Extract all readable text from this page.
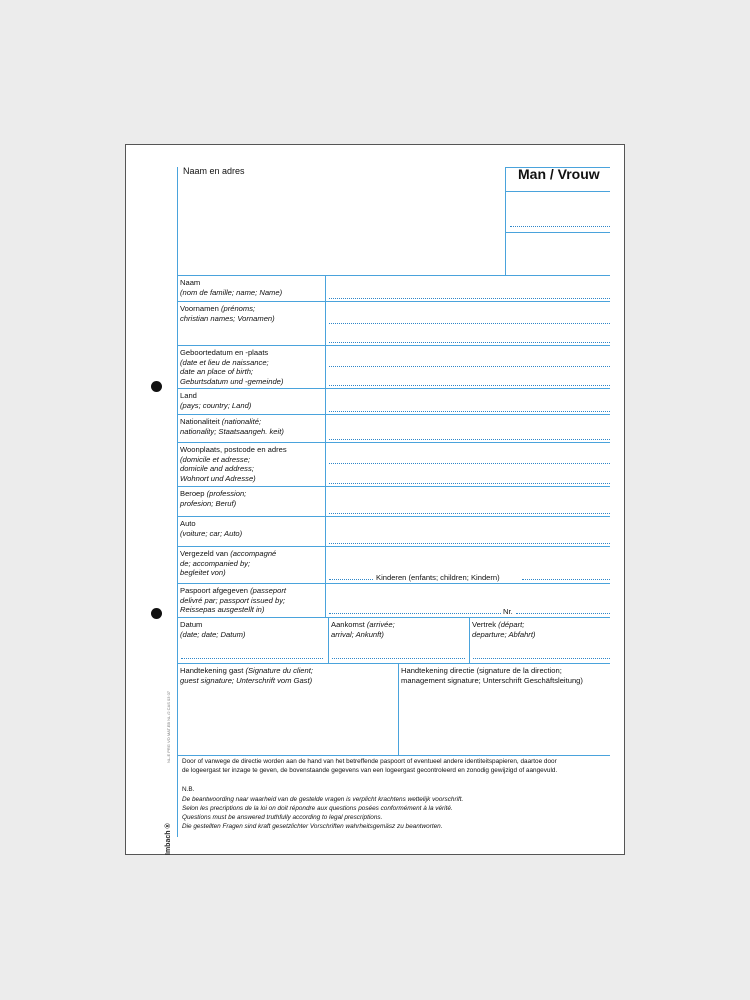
NL-E PRG VO MAT.EB NL /2 CAS 03 07
Imbach ®
Naam en adres	Man / Vrouw
Naam
(nom de famille; name; Name)
Voornamen (prénoms;
christian names; Vornamen)
Geboortedatum en -plaats
(date et lieu de naissance;
date an place of birth;
Geburtsdatum und -gemeinde)
Land
(pays; country; Land)
Nationaliteit (nationalité;
nationality; Staatsaangeh. keit)
Woonplaats, postcode en adres
(domicile et adresse;
domicile and address;
Wohnort und Adresse)
Beroep (profession;
profesion; Beruf)
Auto
(voiture; car; Auto)
Vergezeld van (accompagné
de; accompanied by;
begleitet von)
Kinderen (enfants; children; Kindern)
Paspoort afgegeven (passeport
delivré par; passport issued by;
Reissepas ausgestellt in)	Nr.
Datum
(date; date; Datum)
Aankomst (arrivée;
arrival; Ankunft)
Vertrek (départ;
departure; Abfahrt)
Handtekening gast (Signature du client;
guest signature; Unterschrift vom Gast)
Handtekening directie (signature de la direction;
management signature; Unterschrift Geschäftsleitung)
Door of vanwege de directie worden aan de hand van het betreffende paspoort of eventueel andere identiteitspapieren, daartoe door
de logeergast ter inzage te geven, de bovenstaande gegevens van een logeergast gecontroleerd en zonodig gewijzigd of aangevuld.
N.B.
De beantwoording naar waarheid van de gestelde vragen is verplicht krachtens wettelijk voorschrift.
Selon les precriptions de la loi on doit répondre aux questions posées conformément à la vérité.
Questions must be answered truthfully according to legal prescriptions.
Die gestellten Fragen sind kraft gesetzlichter Vorschriften wahrheitsgemäsz zu beantworten.
